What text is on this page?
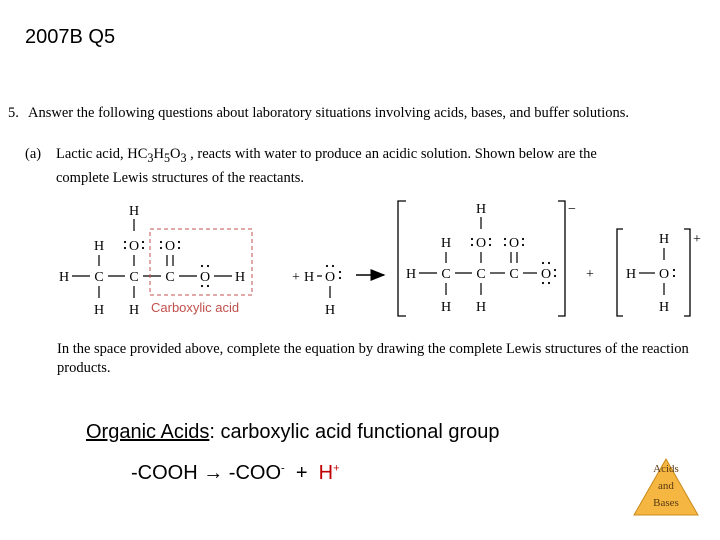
2007B Q5
5. Answer the following questions about laboratory situations involving acids, bases, and buffer solutions.
(a) Lactic acid, $HC_3H_5O_3$ , reacts with water to produce an acidic solution. Shown below are the
complete Lewis structures of the reactants.
H
H O O
H C C C O H
H H
+ H O
H
−
H
H O O
H C C C O
H H
+
+
H
H O
H
Carboxylic acid
In the space provided above, complete the equation by drawing the complete Lewis structures of the reaction products.
Organic Acids: carboxylic acid functional group
-COOH → -COO- + H+	Acids
and
Bases
